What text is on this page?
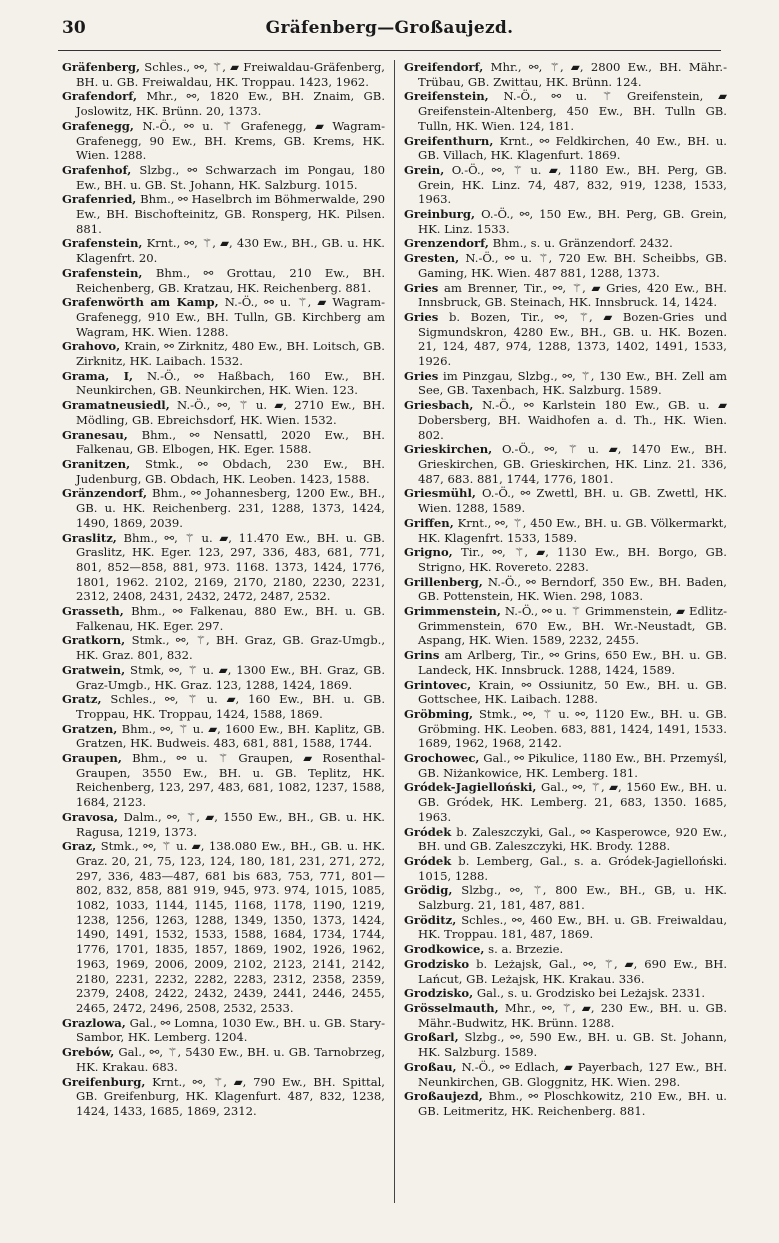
30	Gräfenberg—Großaujezd.

Gräfenberg, Schles., ⚯, ⚚, ▰ Freiwaldau-Gräfenberg, BH. u. GB. Freiwaldau, HK. Troppau. 1423, 1962.

Grafendorf, Mhr., ⚯, 1820 Ew., BH. Znaim, GB. Joslowitz, HK. Brünn. 20, 1373.

Grafenegg, N.-Ö., ⚯ u. ⚚ Grafenegg, ▰ Wagram-Grafenegg, 90 Ew., BH. Krems, GB. Krems, HK. Wien. 1288.

Grafenhof, Slzbg., ⚯ Schwarzach im Pongau, 180 Ew., BH. u. GB. St. Johann, HK. Salzburg. 1015.

Grafenried, Bhm., ⚯ Haselbrch im Böhmerwalde, 290 Ew., BH. Bischofteinitz, GB. Ronsperg, HK. Pilsen. 881.

Grafenstein, Krnt., ⚯, ⚚, ▰, 430 Ew., BH., GB. u. HK. Klagenfrt. 20.

Grafenstein, Bhm., ⚯ Grottau, 210 Ew., BH. Reichenberg, GB. Kratzau, HK. Reichenberg. 881.

Grafenwörth am Kamp, N.-Ö., ⚯ u. ⚚, ▰ Wagram-Grafenegg, 910 Ew., BH. Tulln, GB. Kirchberg am Wagram, HK. Wien. 1288.

Grahovo, Krain, ⚯ Zirknitz, 480 Ew., BH. Loitsch, GB. Zirknitz, HK. Laibach. 1532.

Grama, I, N.-Ö., ⚯ Haßbach, 160 Ew., BH. Neunkirchen, GB. Neunkirchen, HK. Wien. 123.

Gramatneusiedl, N.-Ö., ⚯, ⚚ u. ▰, 2710 Ew., BH. Mödling, GB. Ebreichsdorf, HK. Wien. 1532.

Granesau, Bhm., ⚯ Nensattl, 2020 Ew., BH. Falkenau, GB. Elbogen, HK. Eger. 1588.

Granitzen, Stmk., ⚯ Obdach, 230 Ew., BH. Judenburg, GB. Obdach, HK. Leoben. 1423, 1588.

Gränzendorf, Bhm., ⚯ Johannesberg, 1200 Ew., BH., GB. u. HK. Reichenberg. 231, 1288, 1373, 1424, 1490, 1869, 2039.

Graslitz, Bhm., ⚯, ⚚ u. ▰, 11.470 Ew., BH. u. GB. Graslitz, HK. Eger. 123, 297, 336, 483, 681, 771, 801, 852—858, 881, 973. 1168. 1373, 1424, 1776, 1801, 1962. 2102, 2169, 2170, 2180, 2230, 2231, 2312, 2408, 2431, 2432, 2472, 2487, 2532.

Grasseth, Bhm., ⚯ Falkenau, 880 Ew., BH. u. GB. Falkenau, HK. Eger. 297.

Gratkorn, Stmk., ⚯, ⚚, BH. Graz, GB. Graz-Umgb., HK. Graz. 801, 832.

Gratwein, Stmk, ⚯, ⚚ u. ▰, 1300 Ew., BH. Graz, GB. Graz-Umgb., HK. Graz. 123, 1288, 1424, 1869.

Gratz, Schles., ⚯, ⚚ u. ▰, 160 Ew., BH. u. GB. Troppau, HK. Troppau, 1424, 1588, 1869.

Gratzen, Bhm., ⚯, ⚚ u. ▰, 1600 Ew., BH. Kaplitz, GB. Gratzen, HK. Budweis. 483, 681, 881, 1588, 1744.

Graupen, Bhm., ⚯ u. ⚚ Graupen, ▰ Rosenthal-Graupen, 3550 Ew., BH. u. GB. Teplitz, HK. Reichenberg, 123, 297, 483, 681, 1082, 1237, 1588, 1684, 2123.

Gravosa, Dalm., ⚯, ⚚, ▰, 1550 Ew., BH., GB. u. HK. Ragusa, 1219, 1373.

Graz, Stmk., ⚯, ⚚ u. ▰, 138.080 Ew., BH., GB. u. HK. Graz. 20, 21, 75, 123, 124, 180, 181, 231, 271, 272, 297, 336, 483—487, 681 bis 683, 753, 771, 801—802, 832, 858, 881 919, 945, 973. 974, 1015, 1085, 1082, 1033, 1144, 1145, 1168, 1178, 1190, 1219, 1238, 1256, 1263, 1288, 1349, 1350, 1373, 1424, 1490, 1491, 1532, 1533, 1588, 1684, 1734, 1744, 1776, 1701, 1835, 1857, 1869, 1902, 1926, 1962, 1963, 1969, 2006, 2009, 2102, 2123, 2141, 2142, 2180, 2231, 2232, 2282, 2283, 2312, 2358, 2359, 2379, 2408, 2422, 2432, 2439, 2441, 2446, 2455, 2465, 2472, 2496, 2508, 2532, 2533.

Grazlowa, Gal., ⚯ Lomna, 1030 Ew., BH. u. GB. Stary-Sambor, HK. Lemberg. 1204.

Grebów, Gal., ⚯, ⚚, 5430 Ew., BH. u. GB. Tarnobrzeg, HK. Krakau. 683.

Greifenburg, Krnt., ⚯, ⚚, ▰, 790 Ew., BH. Spittal, GB. Greifenburg, HK. Klagenfurt. 487, 832, 1238, 1424, 1433, 1685, 1869, 2312.

Greifendorf, Mhr., ⚯, ⚚, ▰, 2800 Ew., BH. Mähr.-Trübau, GB. Zwittau, HK. Brünn. 124.

Greifenstein, N.-Ö., ⚯ u. ⚚ Greifenstein, ▰ Greifenstein-Altenberg, 450 Ew., BH. Tulln GB. Tulln, HK. Wien. 124, 181.

Greifenthurn, Krnt., ⚯ Feldkirchen, 40 Ew., BH. u. GB. Villach, HK. Klagenfurt. 1869.

Grein, O.-Ö., ⚯, ⚚ u. ▰, 1180 Ew., BH. Perg, GB. Grein, HK. Linz. 74, 487, 832, 919, 1238, 1533, 1963.

Greinburg, O.-Ö., ⚯, 150 Ew., BH. Perg, GB. Grein, HK. Linz. 1533.

Grenzendorf, Bhm., s. u. Gränzendorf. 2432.

Gresten, N.-Ö., ⚯ u. ⚚, 720 Ew. BH. Scheibbs, GB. Gaming, HK. Wien. 487 881, 1288, 1373.

Gries am Brenner, Tir., ⚯, ⚚, ▰ Gries, 420 Ew., BH. Innsbruck, GB. Steinach, HK. Innsbruck. 14, 1424.

Gries b. Bozen, Tir., ⚯, ⚚, ▰ Bozen-Gries und Sigmundskron, 4280 Ew., BH., GB. u. HK. Bozen. 21, 124, 487, 974, 1288, 1373, 1402, 1491, 1533, 1926.

Gries im Pinzgau, Slzbg., ⚯, ⚚, 130 Ew., BH. Zell am See, GB. Taxenbach, HK. Salzburg. 1589.

Griesbach, N.-Ö., ⚯ Karlstein 180 Ew., GB. u. ▰ Dobersberg, BH. Waidhofen a. d. Th., HK. Wien. 802.

Grieskirchen, O.-Ö., ⚯, ⚚ u. ▰, 1470 Ew., BH. Grieskirchen, GB. Grieskirchen, HK. Linz. 21. 336, 487, 683. 881, 1744, 1776, 1801.

Griesmühl, O.-Ö., ⚯ Zwettl, BH. u. GB. Zwettl, HK. Wien. 1288, 1589.

Griffen, Krnt., ⚯, ⚚, 450 Ew., BH. u. GB. Völkermarkt, HK. Klagenfrt. 1533, 1589.

Grigno, Tir., ⚯, ⚚, ▰, 1130 Ew., BH. Borgo, GB. Strigno, HK. Rovereto. 2283.

Grillenberg, N.-Ö., ⚯ Berndorf, 350 Ew., BH. Baden, GB. Pottenstein, HK. Wien. 298, 1083.

Grimmenstein, N.-Ö., ⚯ u. ⚚ Grimmenstein, ▰ Edlitz-Grimmenstein, 670 Ew., BH. Wr.-Neustadt, GB. Aspang, HK. Wien. 1589, 2232, 2455.

Grins am Arlberg, Tir., ⚯ Grins, 650 Ew., BH. u. GB. Landeck, HK. Innsbruck. 1288, 1424, 1589.

Grintovec, Krain, ⚯ Ossiunitz, 50 Ew., BH. u. GB. Gottschee, HK. Laibach. 1288.

Gröbming, Stmk., ⚯, ⚚ u. ⚯, 1120 Ew., BH. u. GB. Gröbming. HK. Leoben. 683, 881, 1424, 1491, 1533. 1689, 1962, 1968, 2142.

Grochowec, Gal., ⚯ Pikulice, 1180 Ew., BH. Przemyśl, GB. Niżankowice, HK. Lemberg. 181.

Gródek-Jagielloński, Gal., ⚯, ⚚, ▰, 1560 Ew., BH. u. GB. Gródek, HK. Lemberg. 21, 683, 1350. 1685, 1963.

Gródek b. Zaleszczyki, Gal., ⚯ Kasperowce, 920 Ew., BH. und GB. Zaleszczyki, HK. Brody. 1288.

Gródek b. Lemberg, Gal., s. a. Gródek-Jagielloński. 1015, 1288.

Grödig, Slzbg., ⚯, ⚚, 800 Ew., BH., GB, u. HK. Salzburg. 21, 181, 487, 881.

Gröditz, Schles., ⚯, 460 Ew., BH. u. GB. Freiwaldau, HK. Troppau. 181, 487, 1869.

Grodkowice, s. a. Brzezie.

Grodzisko b. Leżajsk, Gal., ⚯, ⚚, ▰, 690 Ew., BH. Lańcut, GB. Leżajsk, HK. Krakau. 336.

Grodzisko, Gal., s. u. Grodzisko bei Leżajsk. 2331.

Grösselmauth, Mhr., ⚯, ⚚, ▰, 230 Ew., BH. u. GB. Mähr.-Budwitz, HK. Brünn. 1288.

Großarl, Slzbg., ⚯, 590 Ew., BH. u. GB. St. Johann, HK. Salzburg. 1589.

Großau, N.-Ö., ⚯ Edlach, ▰ Payerbach, 127 Ew., BH. Neunkirchen, GB. Gloggnitz, HK. Wien. 298.

Großaujezd, Bhm., ⚯ Ploschkowitz, 210 Ew., BH. u. GB. Leitmeritz, HK. Reichenberg. 881.
